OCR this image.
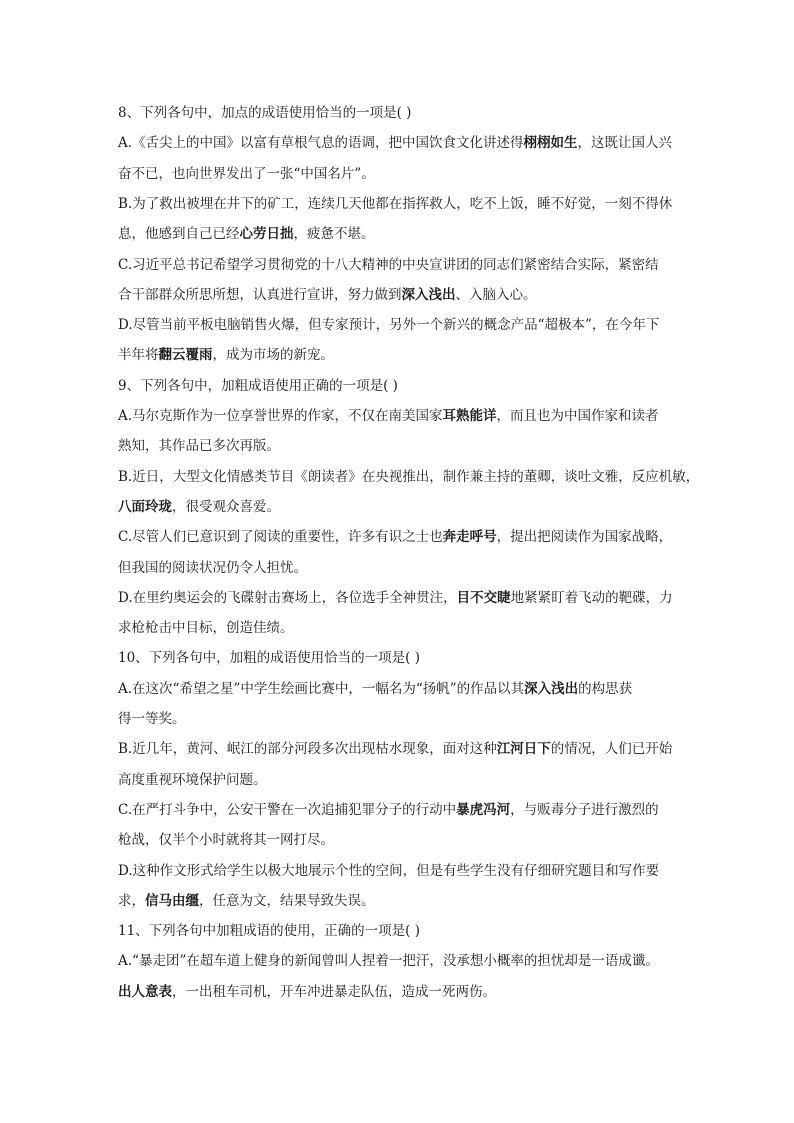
8、下列各句中，加点的成语使用恰当的一项是( )
A.《舌尖上的中国》以富有草根气息的语调，把中国饮食文化讲述得栩栩如生，这既让国人兴
奋不已，也向世界发出了一张“中国名片”。
B.为了救出被埋在井下的矿工，连续几天他都在指挥救人，吃不上饭，睡不好觉，一刻不得休
息，他感到自己已经心劳日拙，疲惫不堪。
C.习近平总书记希望学习贯彻党的十八大精神的中央宣讲团的同志们紧密结合实际，紧密结
合干部群众所思所想，认真进行宣讲，努力做到深入浅出、入脑入心。
D.尽管当前平板电脑销售火爆，但专家预计，另外一个新兴的概念产品“超极本”，在今年下
半年将翻云覆雨，成为市场的新宠。
9、下列各句中，加粗成语使用正确的一项是( )
A.马尔克斯作为一位享誉世界的作家，不仅在南美国家耳熟能详，而且也为中国作家和读者
熟知，其作品已多次再版。
B.近日，大型文化情感类节目《朗读者》在央视推出，制作兼主持的董卿，谈吐文雅，反应机敏，
八面玲珑，很受观众喜爱。
C.尽管人们已意识到了阅读的重要性，许多有识之士也奔走呼号，提出把阅读作为国家战略，
但我国的阅读状况仍令人担忧。
D.在里约奥运会的飞碟射击赛场上，各位选手全神贯注，目不交睫地紧紧盯着飞动的靶碟，力
求枪枪击中目标，创造佳绩。
10、下列各句中，加粗的成语使用恰当的一项是( )
A.在这次“希望之星”中学生绘画比赛中，一幅名为“扬帆”的作品以其深入浅出的构思获
得一等奖。
B.近几年，黄河、岷江的部分河段多次出现枯水现象，面对这种江河日下的情况，人们已开始
高度重视环境保护问题。
C.在严打斗争中，公安干警在一次追捕犯罪分子的行动中暴虎冯河，与贩毒分子进行激烈的
枪战，仅半个小时就将其一网打尽。
D.这种作文形式给学生以极大地展示个性的空间，但是有些学生没有仔细研究题目和写作要
求，信马由缰，任意为文，结果导致失误。
11、下列各句中加粗成语的使用，正确的一项是( )
A.“暴走团”在超车道上健身的新闻曾叫人捏着一把汗，没承想小概率的担忧却是一语成谶。
出人意表，一出租车司机，开车冲进暴走队伍，造成一死两伤。
